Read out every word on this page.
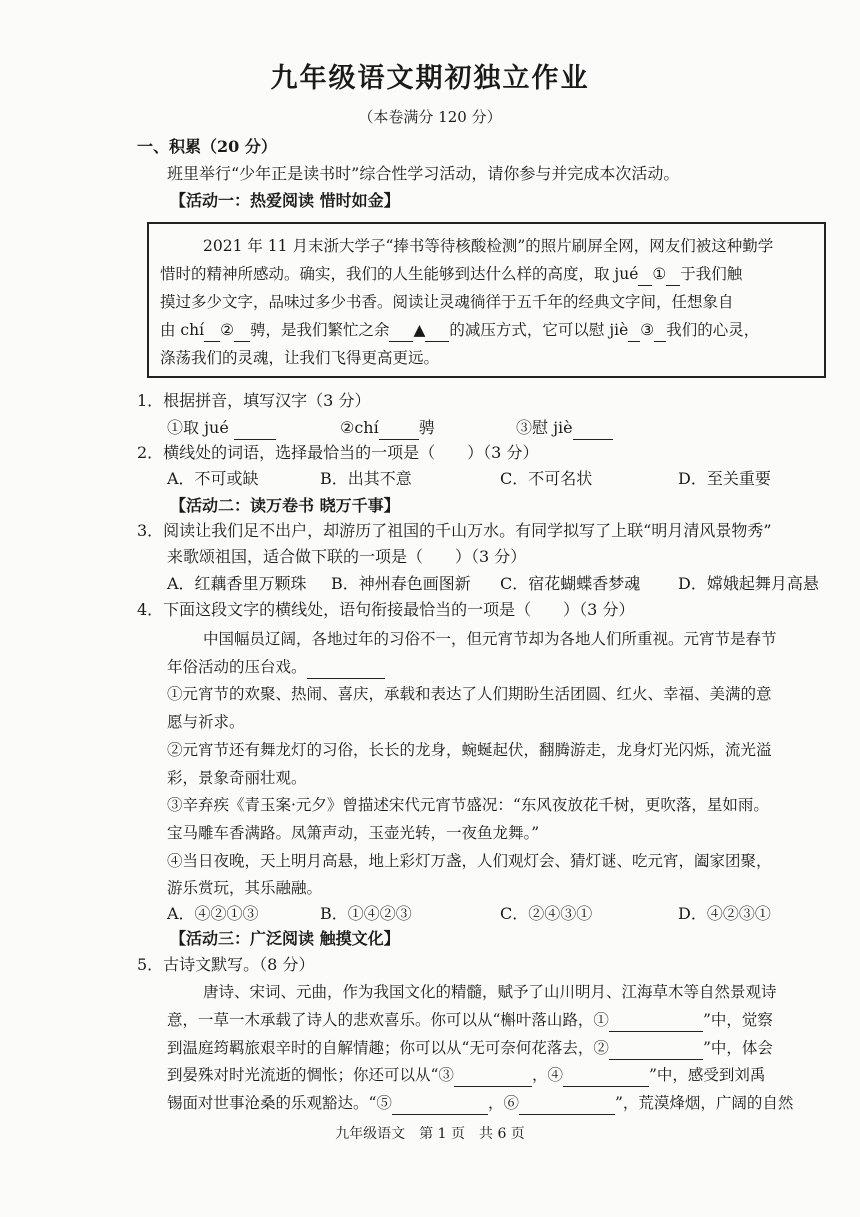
九年级语文期初独立作业
（本卷满分 120 分）
一、积累（20 分）
班里举行“少年正是读书时”综合性学习活动，请你参与并完成本次活动。
【活动一：热爱阅读 惜时如金】
2021 年 11 月末浙大学子“捧书等待核酸检测”的照片刷屏全网，网友们被这种勤学
惜时的精神所感动。确实，我们的人生能够到达什么样的高度，取 jué ① 于我们触
摸过多少文字，品味过多少书香。阅读让灵魂徜徉于五千年的经典文字间，任想象自
由 chí ② 骋，是我们繁忙之余 ▲ 的减压方式，它可以慰 jiè ③ 我们的心灵，
涤荡我们的灵魂，让我们飞得更高更远。
1．根据拼音，填写汉字（3 分）
①取 jué	②chí	骋	③慰 jiè
2．横线处的词语，选择最恰当的一项是（　　）（3 分）
A．不可或缺	B．出其不意	C．不可名状	D．至关重要
【活动二：读万卷书 晓万千事】
3．阅读让我们足不出户，却游历了祖国的千山万水。有同学拟写了上联“明月清风景物秀”
来歌颂祖国，适合做下联的一项是（　　）（3 分）
A．红藕香里万颗珠 B．神州春色画图新 C．宿花蝴蝶香梦魂 D．嫦娥起舞月高悬
4．下面这段文字的横线处，语句衔接最恰当的一项是（　　）（3 分）
中国幅员辽阔，各地过年的习俗不一，但元宵节却为各地人们所重视。元宵节是春节
年俗活动的压台戏。
①元宵节的欢聚、热闹、喜庆，承载和表达了人们期盼生活团圆、红火、幸福、美满的意
愿与祈求。
②元宵节还有舞龙灯的习俗，长长的龙身，蜿蜒起伏，翻腾游走，龙身灯光闪烁，流光溢
彩，景象奇丽壮观。
③辛弃疾《青玉案·元夕》曾描述宋代元宵节盛况：“东风夜放花千树，更吹落，星如雨。
宝马雕车香满路。凤箫声动，玉壶光转，一夜鱼龙舞。”
④当日夜晚，天上明月高悬，地上彩灯万盏，人们观灯会、猜灯谜、吃元宵，阖家团聚，
游乐赏玩，其乐融融。
A．④②①③	B．①④②③	C．②④③①	D．④②③①
【活动三：广泛阅读 触摸文化】
5．古诗文默写。（8 分）
唐诗、宋词、元曲，作为我国文化的精髓，赋予了山川明月、江海草木等自然景观诗
意，一草一木承载了诗人的悲欢喜乐。你可以从“槲叶落山路，①	”中，觉察
到温庭筠羁旅艰辛时的自解情趣；你可以从“无可奈何花落去，②	”中，体会
到晏殊对时光流逝的惆怅；你还可以从“③	，④	”中，感受到刘禹
锡面对世事沧桑的乐观豁达。“⑤	，⑥	”，荒漠烽烟，广阔的自然
九年级语文　第 1 页　共 6 页
